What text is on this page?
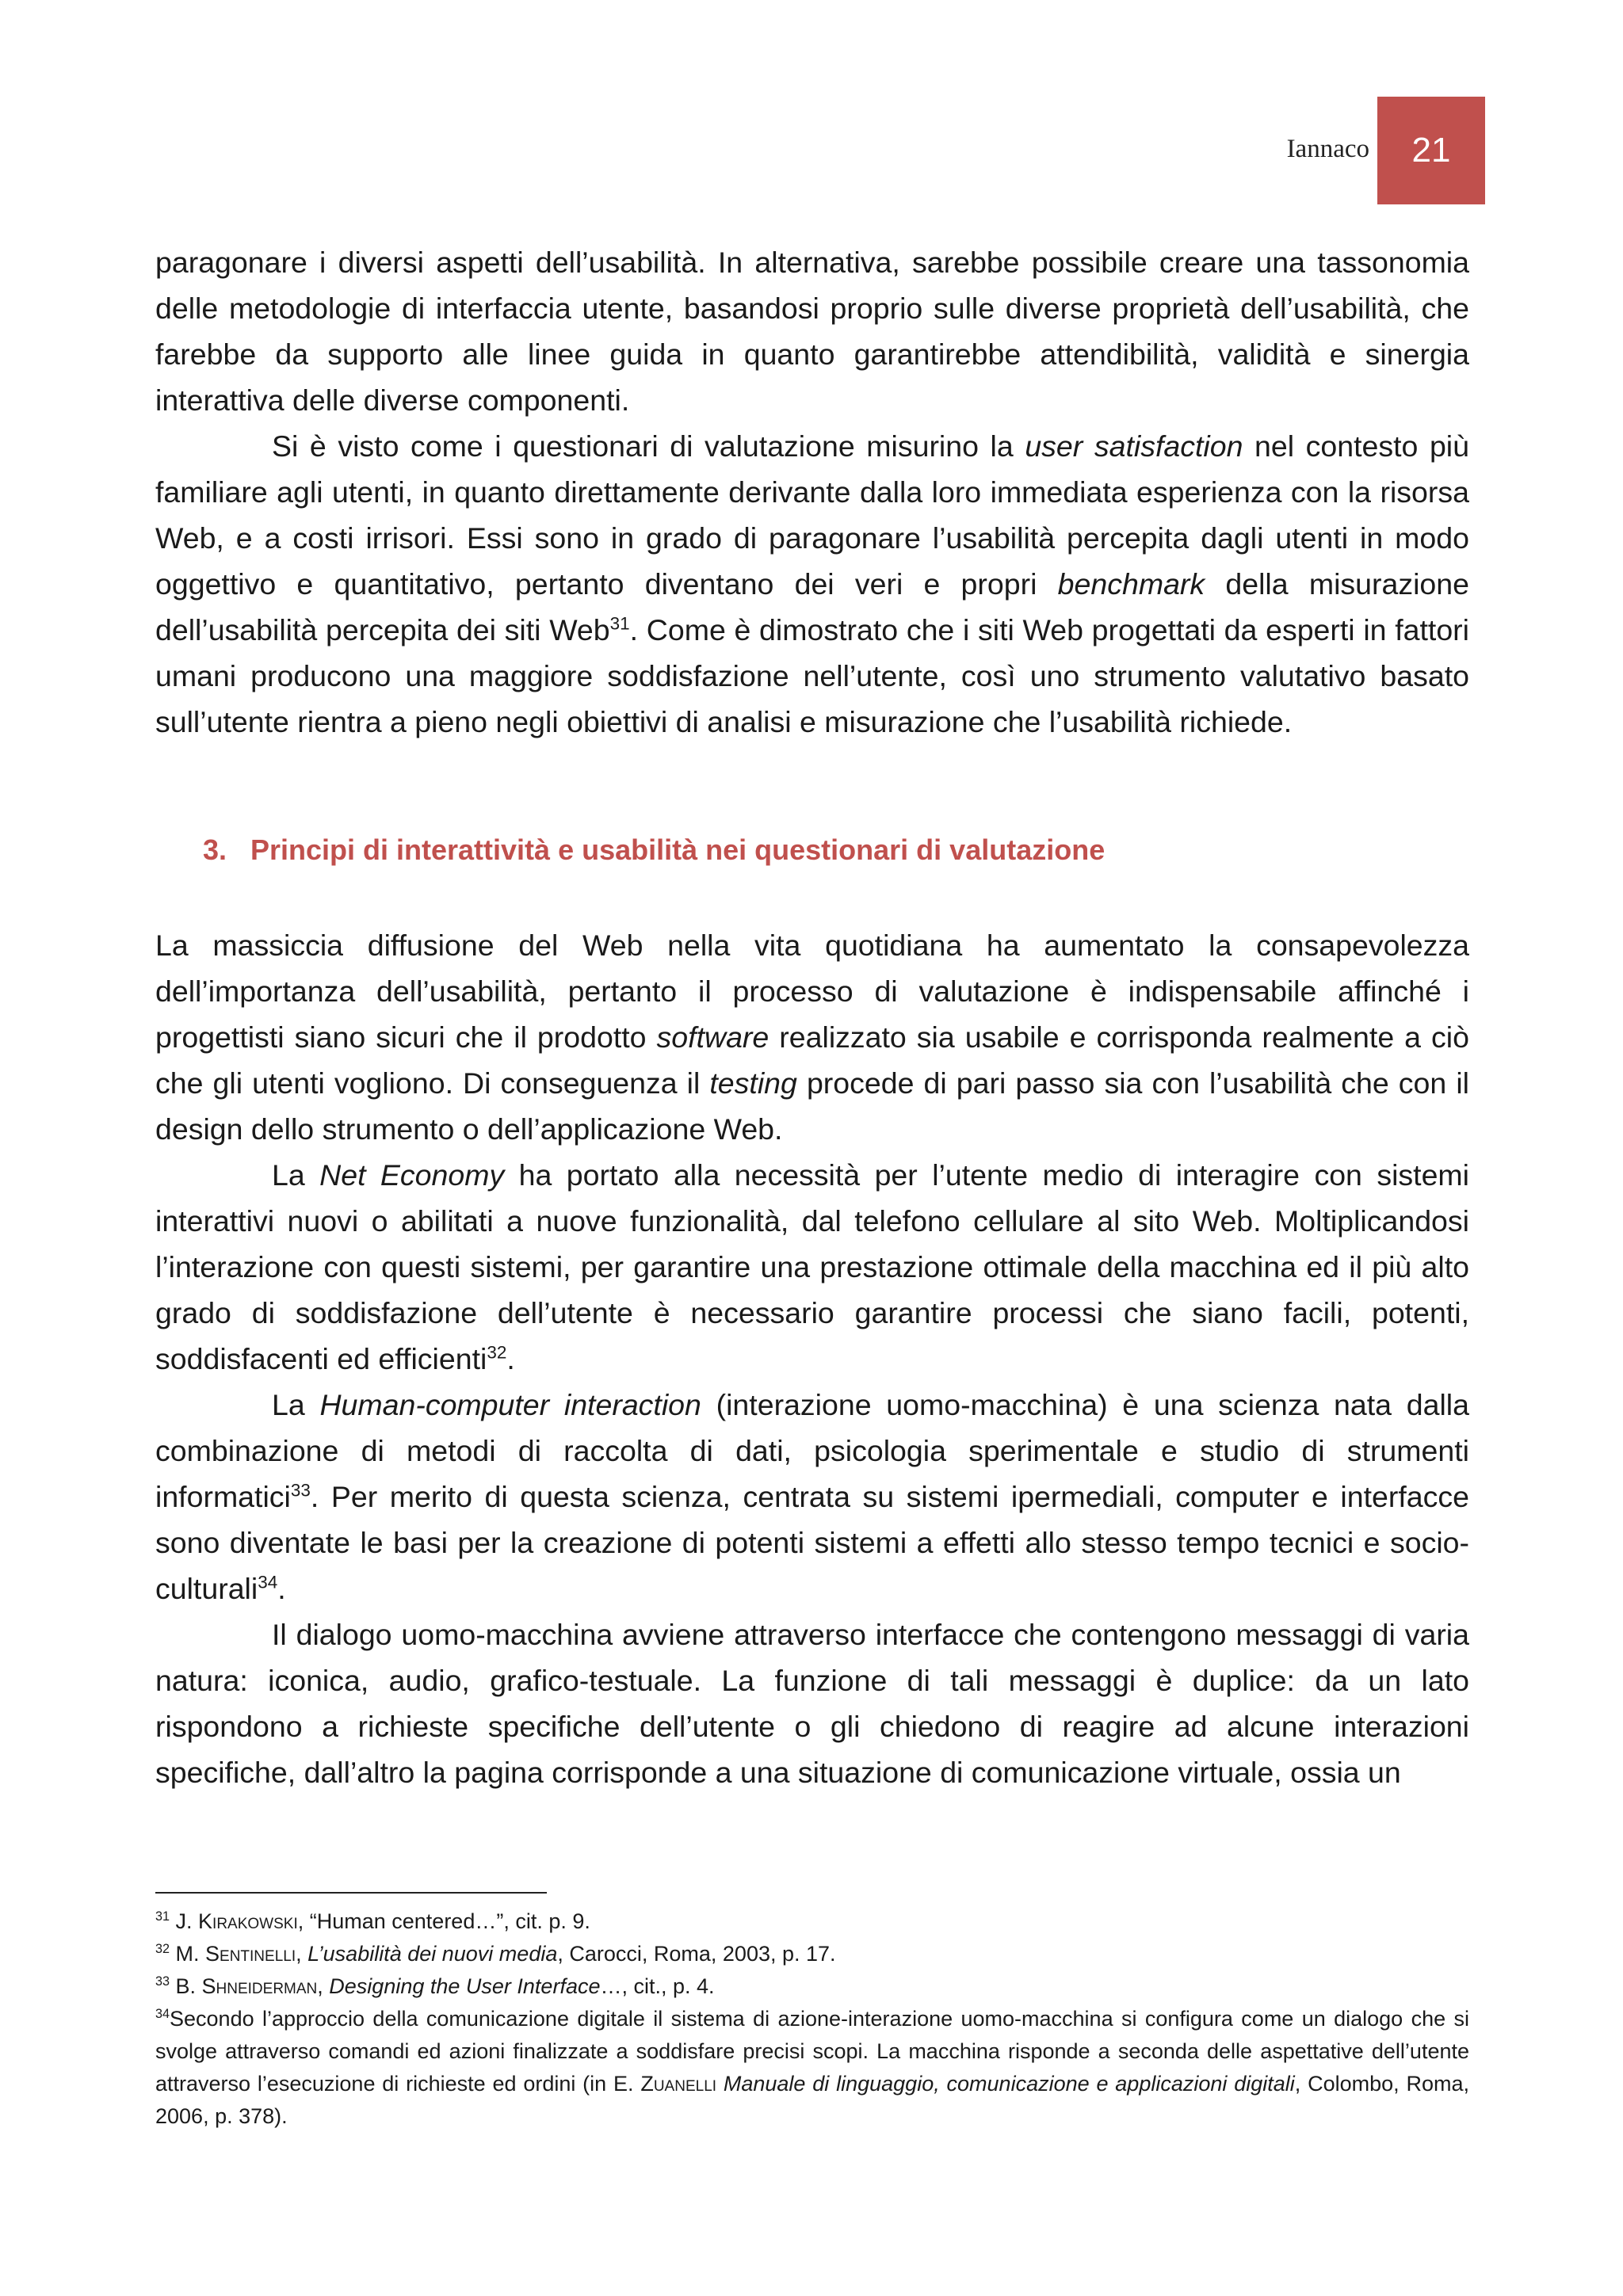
Iannaco	21

paragonare i diversi aspetti dell’usabilità. In alternativa, sarebbe possibile creare una tassonomia delle metodologie di interfaccia utente, basandosi proprio sulle diverse proprietà dell’usabilità, che farebbe da supporto alle linee guida in quanto garantirebbe attendibilità, validità e sinergia interattiva delle diverse componenti.

Si è visto come i questionari di valutazione misurino la user satisfaction nel contesto più familiare agli utenti, in quanto direttamente derivante dalla loro immediata esperienza con la risorsa Web, e a costi irrisori. Essi sono in grado di paragonare l’usabilità percepita dagli utenti in modo oggettivo e quantitativo, pertanto diventano dei veri e propri benchmark della misurazione dell’usabilità percepita dei siti Web$^{31}$. Come è dimostrato che i siti Web progettati da esperti in fattori umani producono una maggiore soddisfazione nell’utente, così uno strumento valutativo basato sull’utente rientra a pieno negli obiettivi di analisi e misurazione che l’usabilità richiede.

3. Principi di interattività e usabilità nei questionari di valutazione

La massiccia diffusione del Web nella vita quotidiana ha aumentato la consapevolezza dell’importanza dell’usabilità, pertanto il processo di valutazione è indispensabile affinché i progettisti siano sicuri che il prodotto software realizzato sia usabile e corrisponda realmente a ciò che gli utenti vogliono. Di conseguenza il testing procede di pari passo sia con l’usabilità che con il design dello strumento o dell’applicazione Web.

La Net Economy ha portato alla necessità per l’utente medio di interagire con sistemi interattivi nuovi o abilitati a nuove funzionalità, dal telefono cellulare al sito Web. Moltiplicandosi l’interazione con questi sistemi, per garantire una prestazione ottimale della macchina ed il più alto grado di soddisfazione dell’utente è necessario garantire processi che siano facili, potenti, soddisfacenti ed efficienti$^{32}$.

La Human-computer interaction (interazione uomo-macchina) è una scienza nata dalla combinazione di metodi di raccolta di dati, psicologia sperimentale e studio di strumenti informatici$^{33}$. Per merito di questa scienza, centrata su sistemi ipermediali, computer e interfacce sono diventate le basi per la creazione di potenti sistemi a effetti allo stesso tempo tecnici e socio-culturali$^{34}$.

Il dialogo uomo-macchina avviene attraverso interfacce che contengono messaggi di varia natura: iconica, audio, grafico-testuale. La funzione di tali messaggi è duplice: da un lato rispondono a richieste specifiche dell’utente o gli chiedono di reagire ad alcune interazioni specifiche, dall’altro la pagina corrisponde a una situazione di comunicazione virtuale, ossia un

$^{31}$ J. Kirakowski, “Human centered…”, cit. p. 9.

$^{32}$ M. Sentinelli, L’usabilità dei nuovi media, Carocci, Roma, 2003, p. 17.

$^{33}$ B. Shneiderman, Designing the User Interface…, cit., p. 4.

$^{34}$Secondo l’approccio della comunicazione digitale il sistema di azione-interazione uomo-macchina si configura come un dialogo che si svolge attraverso comandi ed azioni finalizzate a soddisfare precisi scopi. La macchina risponde a seconda delle aspettative dell’utente attraverso l’esecuzione di richieste ed ordini (in E. Zuanelli Manuale di linguaggio, comunicazione e applicazioni digitali, Colombo, Roma, 2006, p. 378).
